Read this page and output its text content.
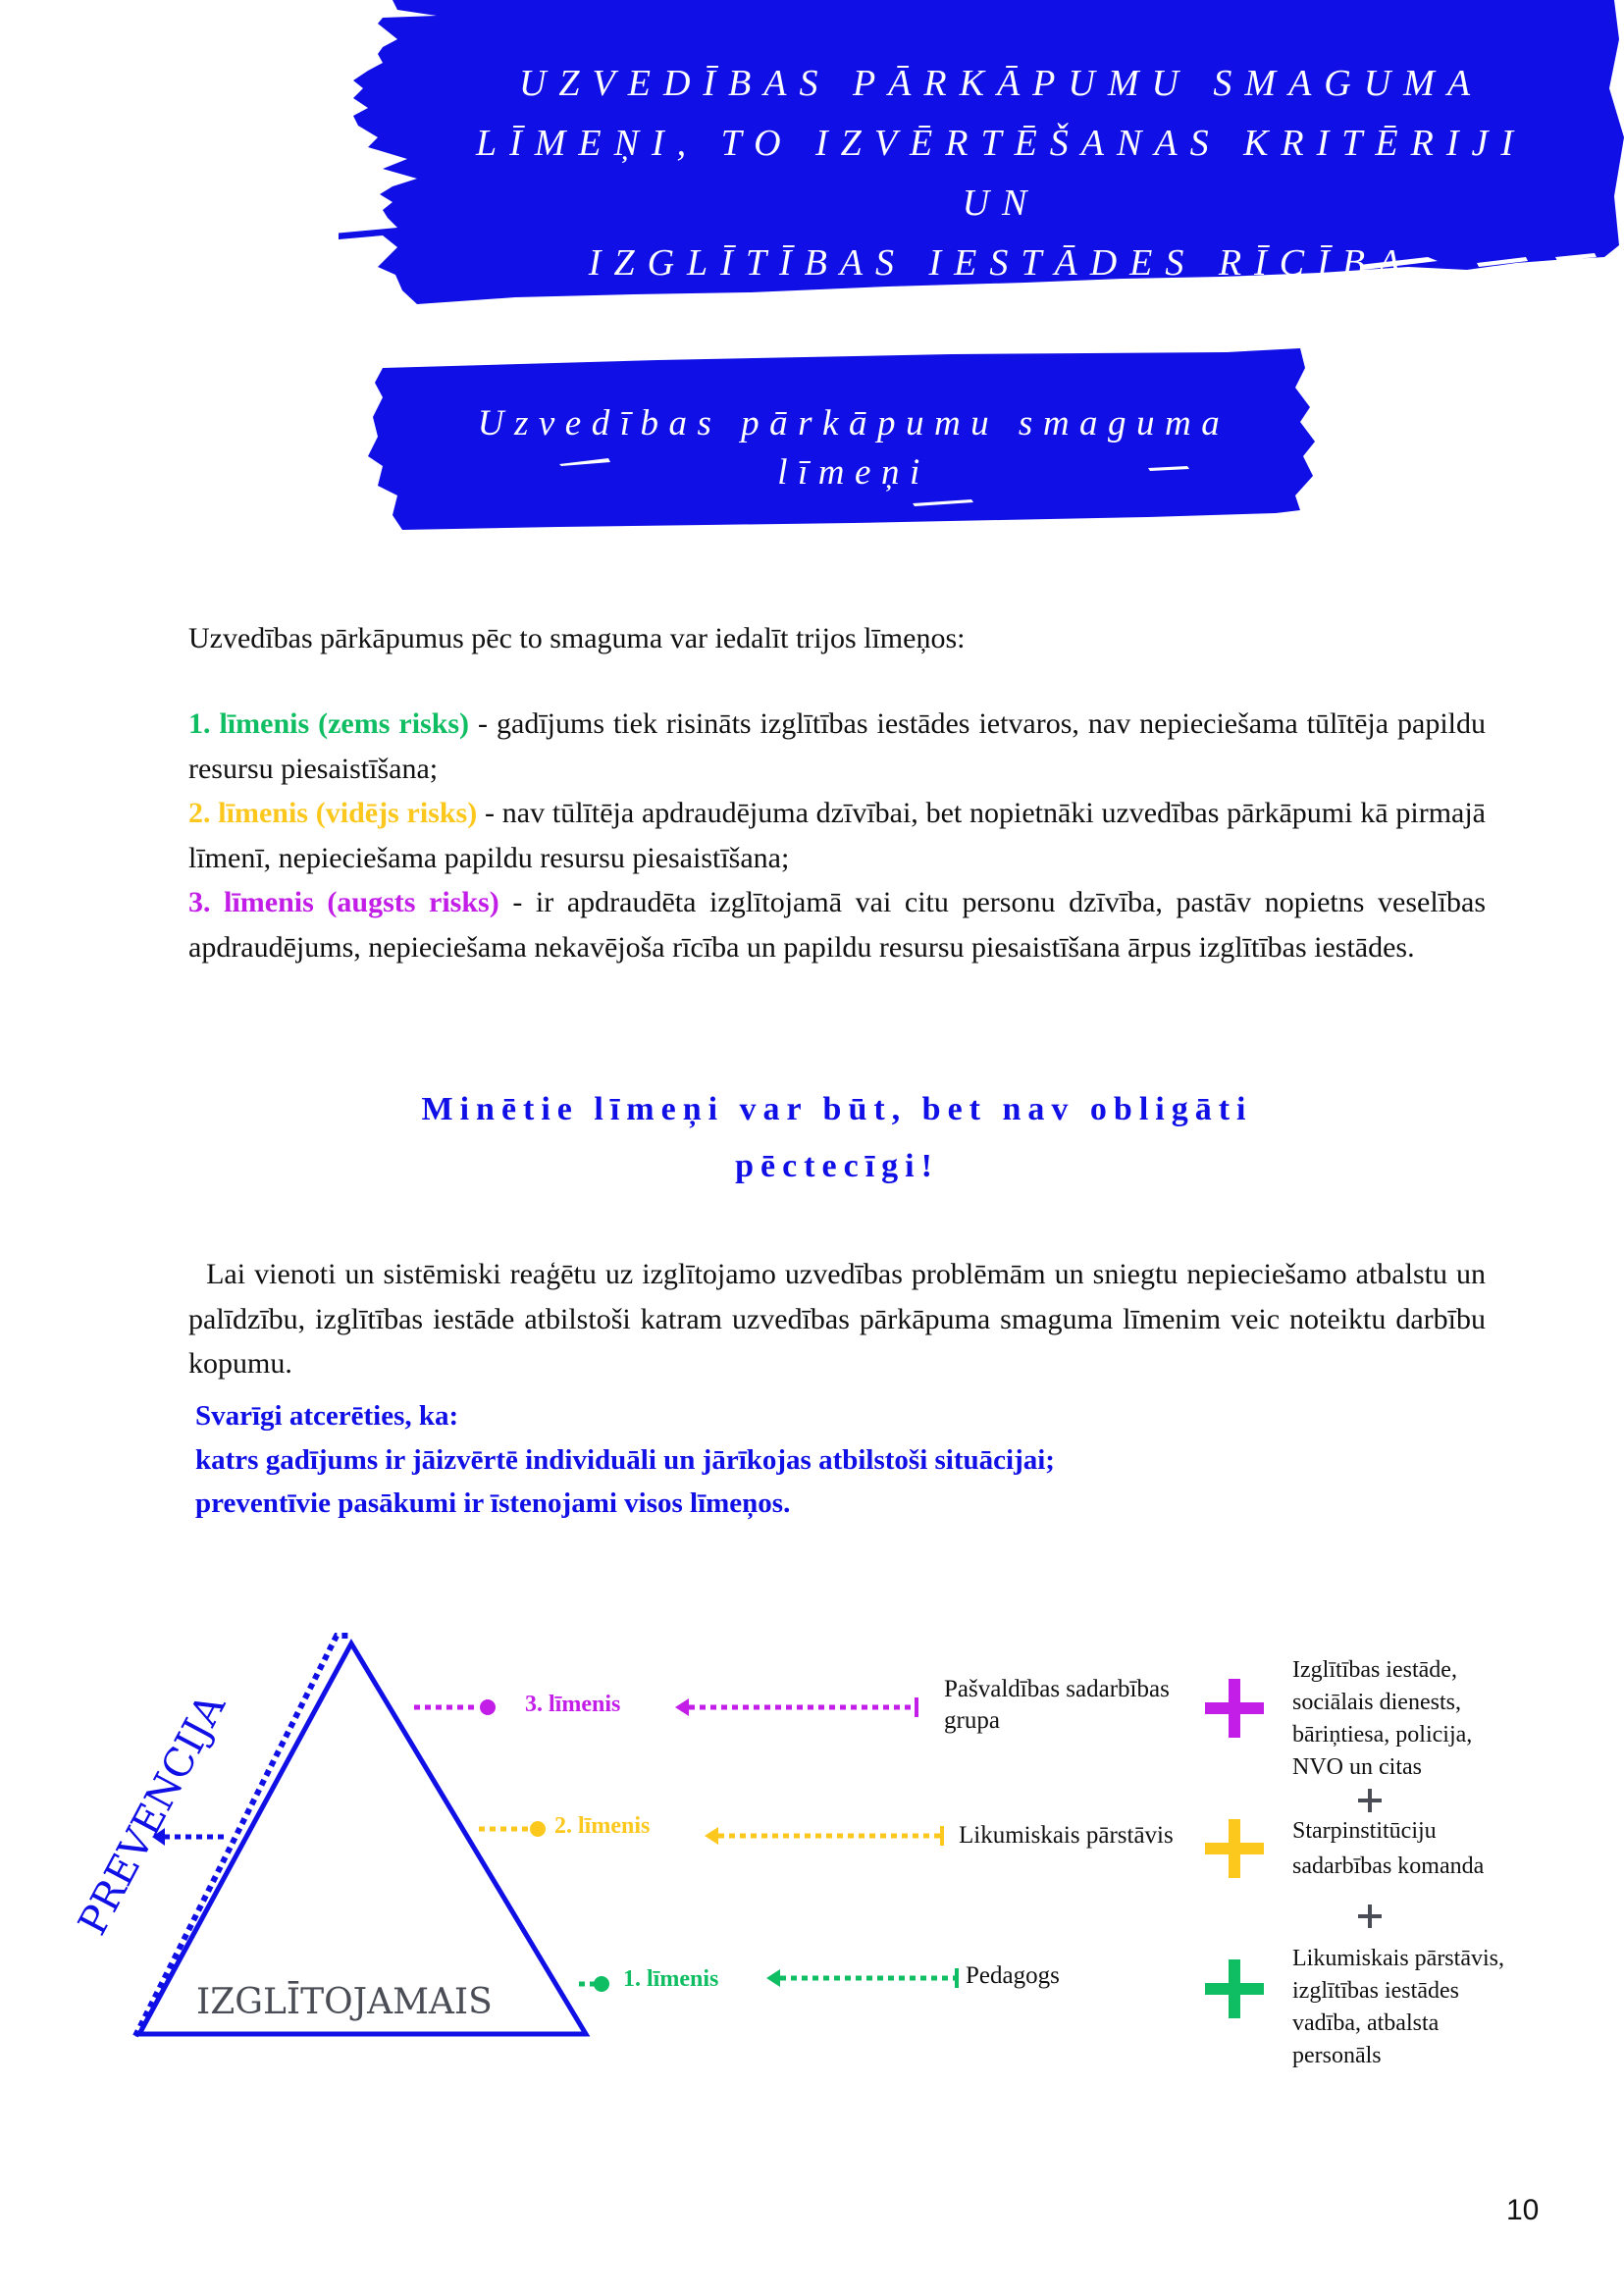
UZVEDĪBAS PĀRKĀPUMU SMAGUMA
LĪMEŅI, TO IZVĒRTĒŠANAS KRITĒRIJI UN
IZGLĪTĪBAS IESTĀDES RĪCĪBA
Uzvedības pārkāpumu smaguma līmeņi
Uzvedības pārkāpumus pēc to smaguma var iedalīt trijos līmeņos:
1. līmenis (zems risks) - gadījums tiek risināts izglītības iestādes ietvaros, nav nepieciešama tūlītēja papildu resursu piesaistīšana;
2. līmenis (vidējs risks) - nav tūlītēja apdraudējuma dzīvībai, bet nopietnāki uzvedības pārkāpumi kā pirmajā līmenī, nepieciešama papildu resursu piesaistīšana;
3. līmenis (augsts risks) - ir apdraudēta izglītojamā vai citu personu dzīvība, pastāv nopietns veselības apdraudējums, nepieciešama nekavējoša rīcība un papildu resursu piesaistīšana ārpus izglītības iestādes.
Minētie līmeņi var būt, bet nav obligāti
pēctecīgi!
Lai vienoti un sistēmiski reaģētu uz izglītojamo uzvedības problēmām un sniegtu nepieciešamo atbalstu un palīdzību, izglītības iestāde atbilstoši katram uzvedības pārkāpuma smaguma līmenim veic noteiktu darbību kopumu.
Svarīgi atcerēties, ka:
katrs gadījums ir jāizvērtē individuāli un jārīkojas atbilstoši situācijai;
preventīvie pasākumi ir īstenojami visos līmeņos.
PREVENCIJA
IZGLĪTOJAMAIS
3. līmenis
2. līmenis
1. līmenis
Pašvaldības sadarbības
grupa
Likumiskais pārstāvis
Pedagogs
Izglītības iestāde,
sociālais dienests,
bāriņtiesa, policija,
NVO un citas
Starpinstitūciju
sadarbības komanda
Likumiskais pārstāvis,
izglītības iestādes
vadība, atbalsta
personāls
10
